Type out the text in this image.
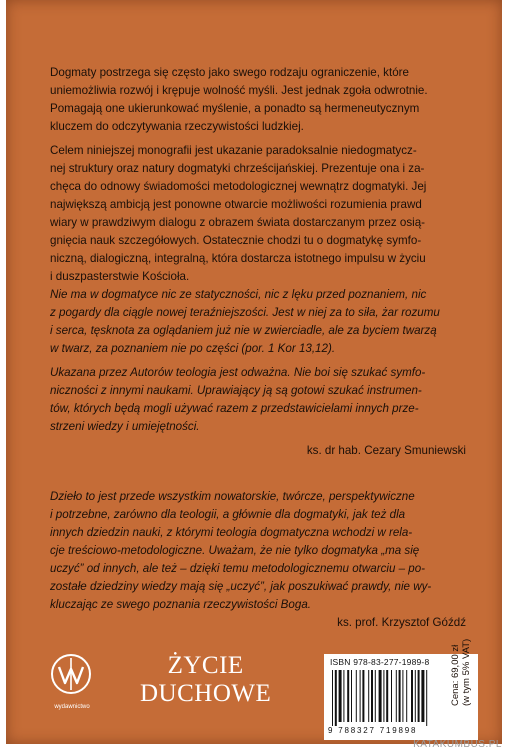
Dogmaty postrzega się często jako swego rodzaju ograniczenie, które

uniemożliwia rozwój i krępuje wolność myśli. Jest jednak zgoła odwrotnie.

Pomagają one ukierunkować myślenie, a ponadto są hermeneutycznym

kluczem do odczytywania rzeczywistości ludzkiej.

Celem niniejszej monografii jest ukazanie paradoksalnie niedogmatycz-

nej struktury oraz natury dogmatyki chrześcijańskiej. Prezentuje ona i za-

chęca do odnowy świadomości metodologicznej wewnątrz dogmatyki. Jej

największą ambicją jest ponowne otwarcie możliwości rozumienia prawd

wiary w prawdziwym dialogu z obrazem świata dostarczanym przez osią-

gnięcia nauk szczegółowych. Ostatecznie chodzi tu o dogmatykę symfo-

niczną, dialogiczną, integralną, która dostarcza istotnego impulsu w życiu

i duszpasterstwie Kościoła.

Nie ma w dogmatyce nic ze statyczności, nic z lęku przed poznaniem, nic

z pogardy dla ciągle nowej teraźniejszości. Jest w niej za to siła, żar rozumu

i serca, tęsknota za oglądaniem już nie w zwierciadle, ale za byciem twarzą

w twarz, za poznaniem nie po części (por. 1 Kor 13,12).

Ukazana przez Autorów teologia jest odważna. Nie boi się szukać symfo-

niczności z innymi naukami. Uprawiający ją są gotowi szukać instrumen-

tów, których będą mogli używać razem z przedstawicielami innych prze-

strzeni wiedzy i umiejętności.

ks. dr hab. Cezary Smuniewski

Dzieło to jest przede wszystkim nowatorskie, twórcze, perspektywiczne

i potrzebne, zarówno dla teologii, a głównie dla dogmatyki, jak też dla

innych dziedzin nauki, z którymi teologia dogmatyczna wchodzi w rela-

cje treściowo-metodologiczne. Uważam, że nie tylko dogmatyka „ma się

uczyć” od innych, ale też – dzięki temu metodologicznemu otwarciu – po-

zostałe dziedziny wiedzy mają się „uczyć”, jak poszukiwać prawdy, nie wy-

kluczając ze swego poznania rzeczywistości Boga.

ks. prof. Krzysztof Góźdź
wydawnictwo
ŻYCIE
DUCHOWE
ISBN 978-83-277-1989-8
9 788327 719898
Cena: 69,00 zł (w tym 5% VAT)
KATAKUMBUS.PL
